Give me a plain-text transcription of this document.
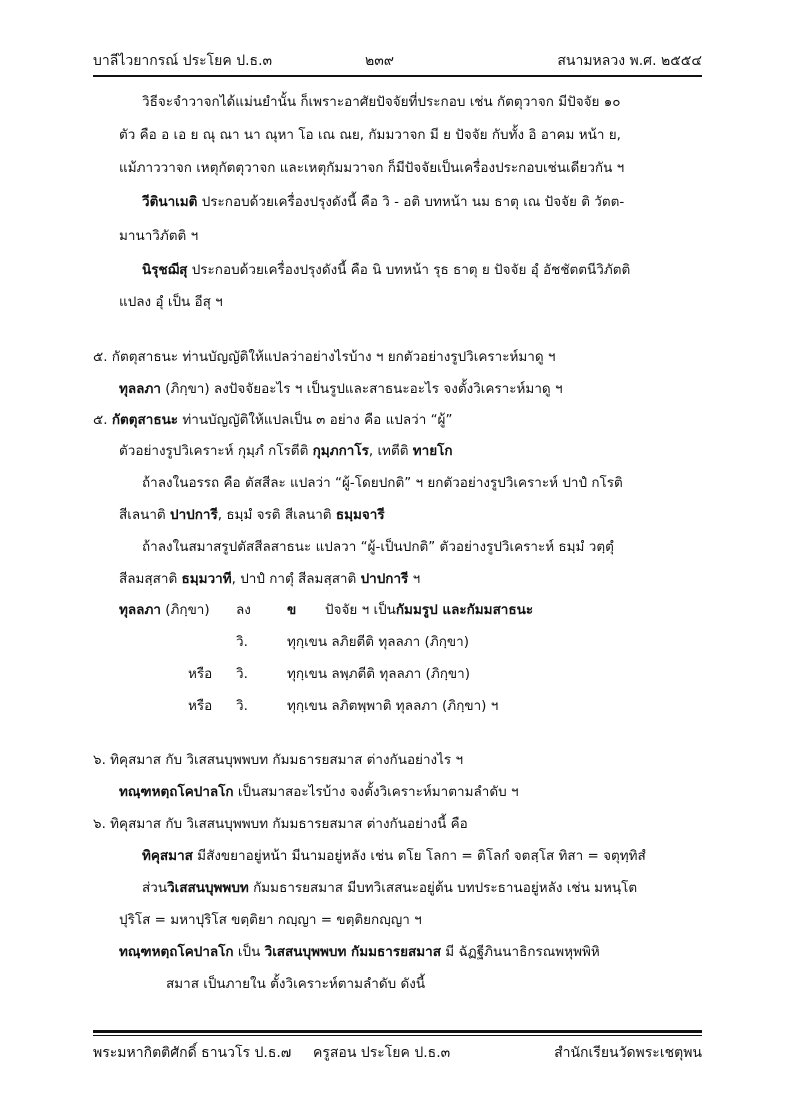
บาลีไวยากรณ์ ประโยค ป.ธ.๓	๒๓๙	สนามหลวง พ.ศ. ๒๕๕๔
วิธีจะจำวาจกได้แม่นยำนั้น ก็เพราะอาศัยปัจจัยที่ประกอบ เช่น กัตตุวาจก มีปัจจัย ๑๐
ตัว คือ อ เอ ย ณุ ณา นา ณุหา โอ เณ ณย, กัมมวาจก มี ย ปัจจัย กับทั้ง อิ อาคม หน้า ย,
แม้ภาววาจก เหตุกัตตุวาจก และเหตุกัมมวาจก ก็มีปัจจัยเป็นเครื่องประกอบเช่นเดียวกัน ฯ
วีตินาเมติ ประกอบด้วยเครื่องปรุงดังนี้ คือ วิ - อติ บทหน้า นม ธาตุ เณ ปัจจัย ติ วัตต-
มานาวิภัตติ ฯ
นิรุชฌีสุ ประกอบด้วยเครื่องปรุงดังนี้ คือ นิ บทหน้า รุธ ธาตุ ย ปัจจัย อุํ อัชชัตตนีวิภัตติ
แปลง อุํ เป็น อีสุ ฯ
๕. กัตตุสาธนะ ท่านบัญญัติให้แปลว่าอย่างไรบ้าง ฯ ยกตัวอย่างรูปวิเคราะห์มาดู ฯ
ทุลลภา (ภิกฺขา) ลงปัจจัยอะไร ฯ เป็นรูปและสาธนะอะไร จงตั้งวิเคราะห์มาดู ฯ
๕. กัตตุสาธนะ ท่านบัญญัติให้แปลเป็น ๓ อย่าง คือ แปลว่า “ผู้”
ตัวอย่างรูปวิเคราะห์ กุมฺภํ กโรตีติ กุมฺภกาโร, เทตีติ ทายโก
ถ้าลงในอรรถ คือ ตัสสีละ แปลว่า “ผู้-โดยปกติ” ฯ ยกตัวอย่างรูปวิเคราะห์ ปาปํ กโรติ
สีเลนาติ ปาปการี, ธมฺมํ จรติ สีเลนาติ ธมฺมจารี
ถ้าลงในสมาสรูปตัสสีลสาธนะ แปลวา “ผู้-เป็นปกติ” ตัวอย่างรูปวิเคราะห์ ธมฺมํ วตฺตุํ
สีลมสฺสาติ ธมฺมวาที, ปาปํ กาตุํ สีลมสฺสาติ ปาปการี ฯ
ทุลลภา (ภิกฺขา) ลง	ข ปัจจัย ฯ เป็นกัมมรูป และกัมมสาธนะ
วิ.	ทุกฺเขน ลภิยตีติ ทุลลภา (ภิกฺขา)
หรือ วิ.	ทุกฺเขน ลพฺภตีติ ทุลลภา (ภิกฺขา)
หรือ วิ.	ทุกฺเขน ลภิตพฺพาติ ทุลลภา (ภิกฺขา) ฯ
๖. ทิคุสมาส กับ วิเสสนบุพพบท กัมมธารยสมาส ต่างกันอย่างไร ฯ
ทณฺฑหตฺถโคปาลโก เป็นสมาสอะไรบ้าง จงตั้งวิเคราะห์มาตามลำดับ ฯ
๖. ทิคุสมาส กับ วิเสสนบุพพบท กัมมธารยสมาส ต่างกันอย่างนี้ คือ
ทิคุสมาส มีสังขยาอยู่หน้า มีนามอยู่หลัง เช่น ตโย โลกา = ติโลกํ จตสฺโส ทิสา = จตุทฺทิสํ
ส่วนวิเสสนบุพพบท กัมมธารยสมาส มีบทวิเสสนะอยู่ต้น บทประธานอยู่หลัง เช่น มหนฺโต
ปุริโส = มหาปุริโส ขตฺติยา กญฺญา = ขตฺติยกญฺญา ฯ
ทณฺฑหตฺถโคปาลโก เป็น วิเสสนบุพพบท กัมมธารยสมาส มี ฉัฏฐีภินนาธิกรณพหุพพิหิ
สมาส เป็นภายใน ตั้งวิเคราะห์ตามลำดับ ดังนี้
พระมหากิตติศักดิ์ ธานวโร ป.ธ.๗ ครูสอน ประโยค ป.ธ.๓	สำนักเรียนวัดพระเชตุพน
